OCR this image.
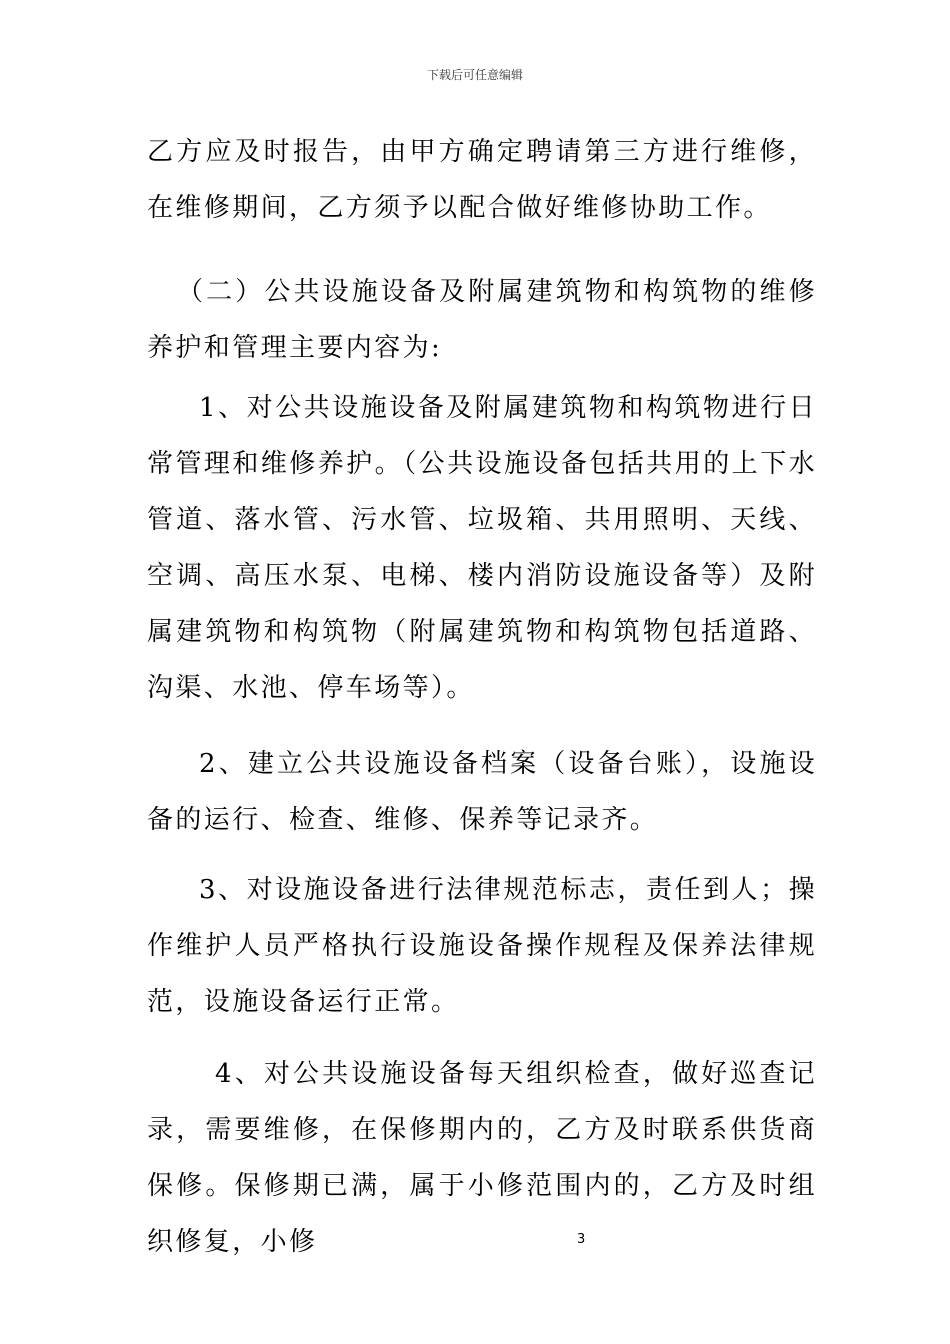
下载后可任意编辑

乙方应及时报告，由甲方确定聘请第三方进行维修，在维修期间，乙方须予以配合做好维修协助工作。

（二）公共设施设备及附属建筑物和构筑物的维修养护和管理主要内容为:

1、对公共设施设备及附属建筑物和构筑物进行日常管理和维修养护。（公共设施设备包括共用的上下水管道、落水管、污水管、垃圾箱、共用照明、天线、空调、高压水泵、电梯、楼内消防设施设备等）及附属建筑物和构筑物（附属建筑物和构筑物包括道路、沟渠、水池、停车场等）。

2、建立公共设施设备档案（设备台账），设施设备的运行、检查、维修、保养等记录齐。

3、对设施设备进行法律规范标志，责任到人；操作维护人员严格执行设施设备操作规程及保养法律规范，设施设备运行正常。

4、对公共设施设备每天组织检查，做好巡查记录，需要维修，在保修期内的，乙方及时联系供货商保修。保修期已满，属于小修范围内的，乙方及时组织修复，小修	3
